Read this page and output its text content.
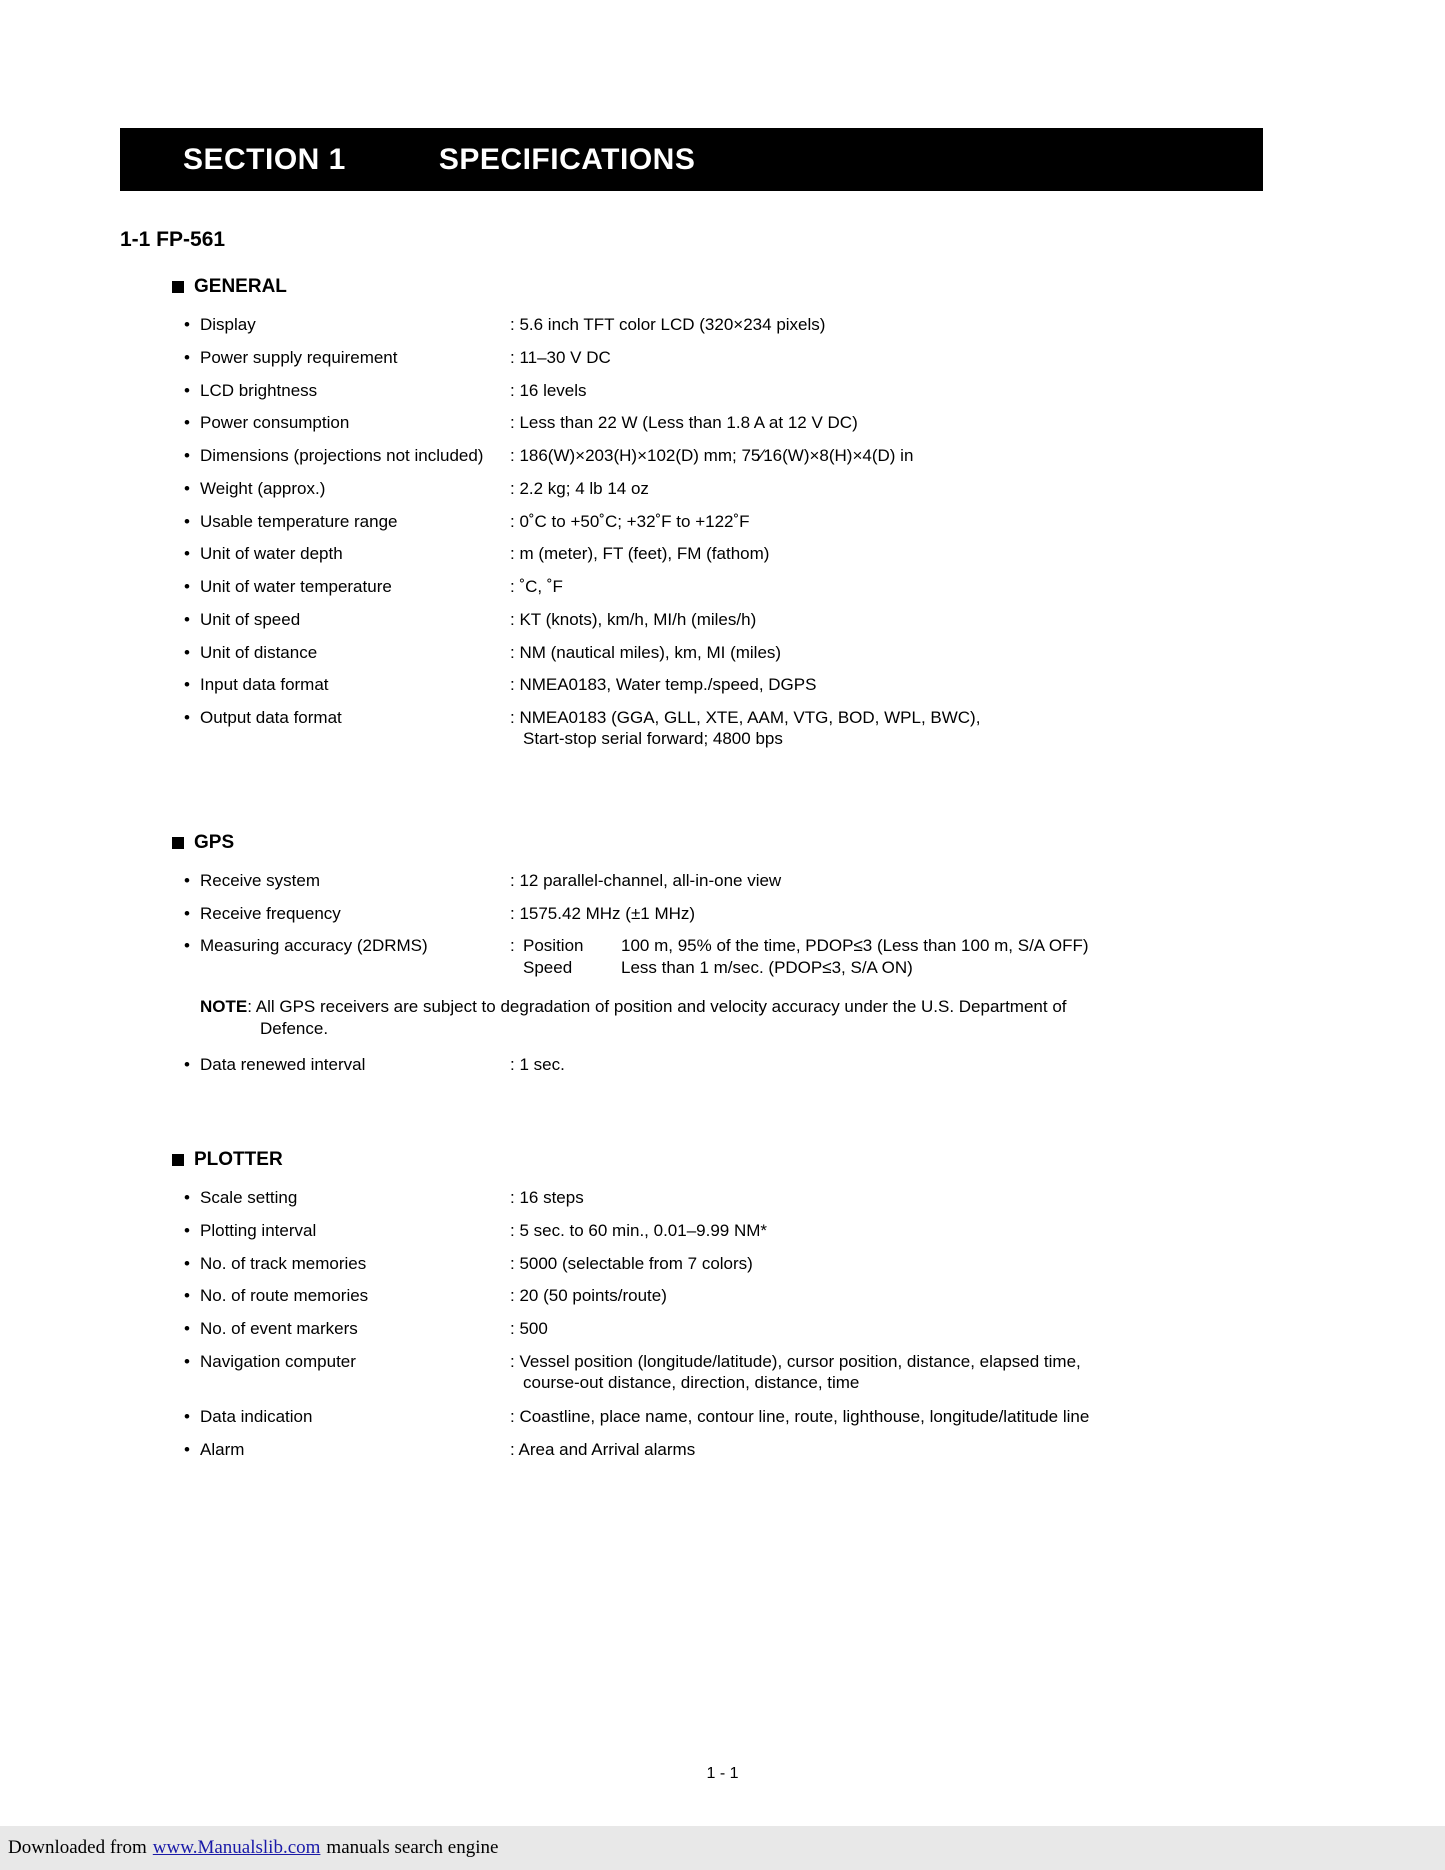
SECTION 1	SPECIFICATIONS
1-1 FP-561
GENERAL
• Display	: 5.6 inch TFT color LCD (320×234 pixels)
• Power supply requirement	: 11–30 V DC
• LCD brightness	: 16 levels
• Power consumption	: Less than 22 W (Less than 1.8 A at 12 V DC)
• Dimensions (projections not included)	: 186(W)×203(H)×102(D) mm; 75⁄16(W)×8(H)×4(D) in
• Weight (approx.)	: 2.2 kg; 4 lb 14 oz
• Usable temperature range	: 0˚C to +50˚C; +32˚F to +122˚F
• Unit of water depth	: m (meter), FT (feet), FM (fathom)
• Unit of water temperature	: ˚C, ˚F
• Unit of speed	: KT (knots), km/h, MI/h (miles/h)
• Unit of distance	: NM (nautical miles), km, MI (miles)
• Input data format	: NMEA0183, Water temp./speed, DGPS
• Output data format	: NMEA0183 (GGA, GLL, XTE, AAM, VTG, BOD, WPL, BWC),
Start-stop serial forward; 4800 bps
GPS
• Receive system	: 12 parallel-channel, all-in-one view
• Receive frequency	: 1575.42 MHz (±1 MHz)
• Measuring accuracy (2DRMS)	: Position	100 m, 95% of the time, PDOP≤3 (Less than 100 m, S/A OFF)
Speed	Less than 1 m/sec. (PDOP≤3, S/A ON)
NOTE: All GPS receivers are subject to degradation of position and velocity accuracy under the U.S. Department of
Defence.
• Data renewed interval	: 1 sec.
PLOTTER
• Scale setting	: 16 steps
• Plotting interval	: 5 sec. to 60 min., 0.01–9.99 NM*
• No. of track memories	: 5000 (selectable from 7 colors)
• No. of route memories	: 20 (50 points/route)
• No. of event markers	: 500
• Navigation computer	: Vessel position (longitude/latitude), cursor position, distance, elapsed time,
course-out distance, direction, distance, time
• Data indication	: Coastline, place name, contour line, route, lighthouse, longitude/latitude line
• Alarm	: Area and Arrival alarms
1 - 1
Downloaded from www.Manualslib.com manuals search engine
